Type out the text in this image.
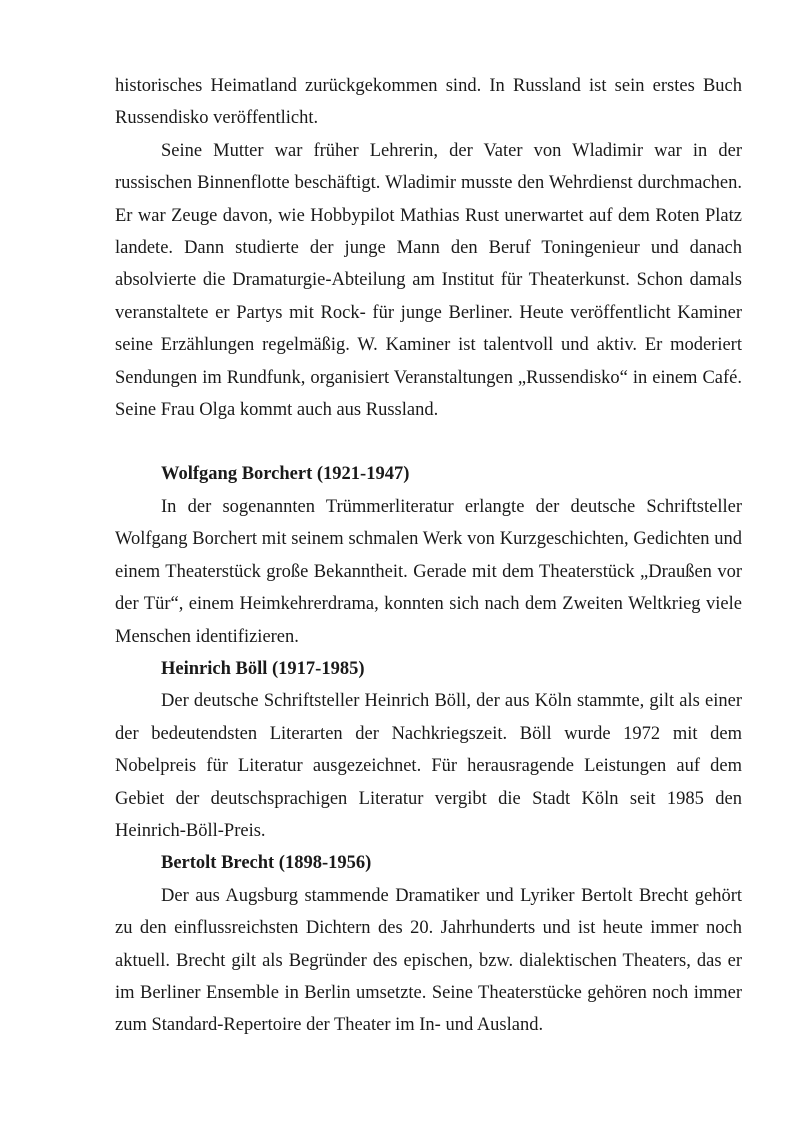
historisches Heimatland zurückgekommen sind. In Russland ist sein erstes Buch Russendisko veröffentlicht.

Seine Mutter war früher Lehrerin, der Vater von Wladimir war in der russischen Binnenflotte beschäftigt. Wladimir musste den Wehrdienst durchmachen. Er war Zeuge davon, wie Hobbypilot Mathias Rust unerwartet auf dem Roten Platz landete. Dann studierte der junge Mann den Beruf Toningenieur und danach absolvierte die Dramaturgie-Abteilung am Institut für Theaterkunst. Schon damals veranstaltete er Partys mit Rock- für junge Berliner. Heute veröffentlicht Kaminer seine Erzählungen regelmäßig. W. Kaminer ist talentvoll und aktiv. Er moderiert Sendungen im Rundfunk, organisiert Veranstaltungen „Russendisko“ in einem Café. Seine Frau Olga kommt auch aus Russland.

Wolfgang Borchert (1921-1947)

In der sogenannten Trümmerliteratur erlangte der deutsche Schriftsteller Wolfgang Borchert mit seinem schmalen Werk von Kurzgeschichten, Gedichten und einem Theaterstück große Bekanntheit. Gerade mit dem Theaterstück „Draußen vor der Tür“, einem Heimkehrerdrama, konnten sich nach dem Zweiten Weltkrieg viele Menschen identifizieren.

Heinrich Böll (1917-1985)

Der deutsche Schriftsteller Heinrich Böll, der aus Köln stammte, gilt als einer der bedeutendsten Literarten der Nachkriegszeit. Böll wurde 1972 mit dem Nobelpreis für Literatur ausgezeichnet. Für herausragende Leistungen auf dem Gebiet der deutschsprachigen Literatur vergibt die Stadt Köln seit 1985 den Heinrich-Böll-Preis.

Bertolt Brecht (1898-1956)

Der aus Augsburg stammende Dramatiker und Lyriker Bertolt Brecht gehört zu den einflussreichsten Dichtern des 20. Jahrhunderts und ist heute immer noch aktuell. Brecht gilt als Begründer des epischen, bzw. dialektischen Theaters, das er im Berliner Ensemble in Berlin umsetzte. Seine Theaterstücke gehören noch immer zum Standard-Repertoire der Theater im In- und Ausland.
